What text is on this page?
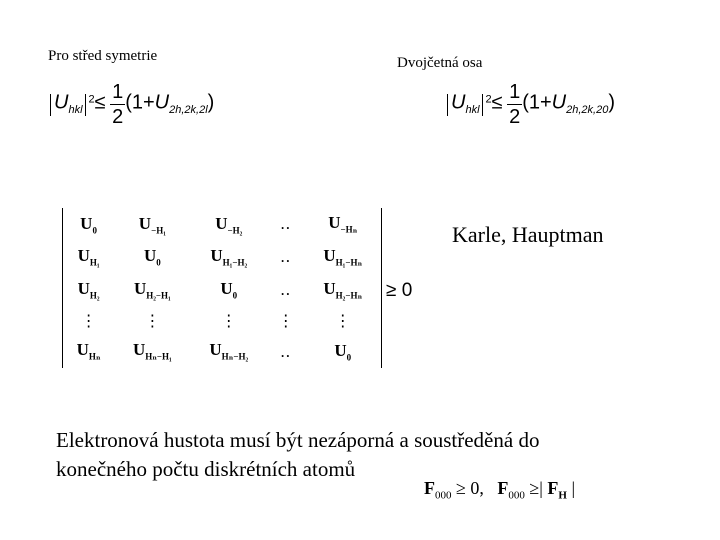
Pro střed symetrie	Dvojčetná osa
$U_{hkl}^2\le \frac{1}{2} (1+U_{2h,2k,2l})$	$U_{hkl}^2\le \frac{1}{2} (1+U_{2h,2k,20})$
Karle, Hauptman
$U_0$	$U_{-H_1}$	$U_{-H_2}$	..	$U_{-H_n}$
$U_{H_1}$	$U_0$	$U_{H_1-H_2}$	..	$U_{H_1-H_n}$
$U_{H_2}$	$U_{H_2-H_1}$	$U_0$	..	$U_{H_2-H_n}$
⋮	⋮	⋮	⋮	⋮
$U_{H_n}$	$U_{H_n-H_1}$	$U_{H_n-H_2}$	..	$U_0$
≥ 0
Elektronová hustota musí být nezáporná a soustředěná do
konečného počtu diskrétních atomů
$F_{000} \ge 0$,   $F_{000}$ ≥| $F_H$ |
